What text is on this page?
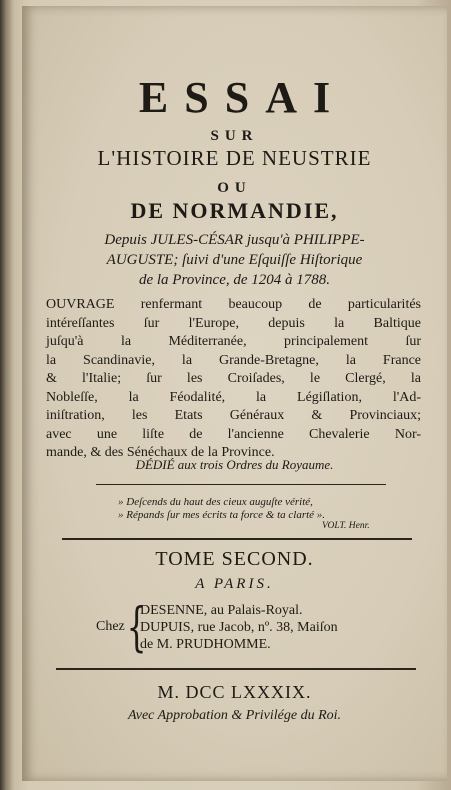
ESSAI
SUR
L'HISTOIRE DE NEUSTRIE
OU
DE NORMANDIE,
Depuis JULES-CÉSAR jusqu'à PHILIPPE-
AUGUSTE; ſuivi d'une Eſquiſſe Hiſtorique
de la Province, de 1204 à 1788.
OUVRAGE renfermant beaucoup de particularités
intéreſſantes ſur l'Europe, depuis la Baltique
juſqu'à la Méditerranée, principalement ſur
la Scandinavie, la Grande-Bretagne, la France
& l'Italie; ſur les Croiſades, le Clergé, la
Nobleſſe, la Féodalité, la Légiſlation, l'Ad-
iniſtration, les Etats Généraux & Provinciaux;
avec une liſte de l'ancienne Chevalerie Nor-
mande, & des Sénéchaux de la Province.
DÉDIÉ aux trois Ordres du Royaume.
» Deſcends du haut des cieux auguſte vérité,
» Répands ſur mes écrits ta force & ta clarté ».
VOLT. Henr.
TOME SECOND.
A PARIS.
Chez {
DESENNE, au Palais-Royal.
DUPUIS, rue Jacob, nº. 38, Maiſon
de M. PRUDHOMME.
M. DCC LXXXIX.
Avec Approbation & Privilége du Roi.
